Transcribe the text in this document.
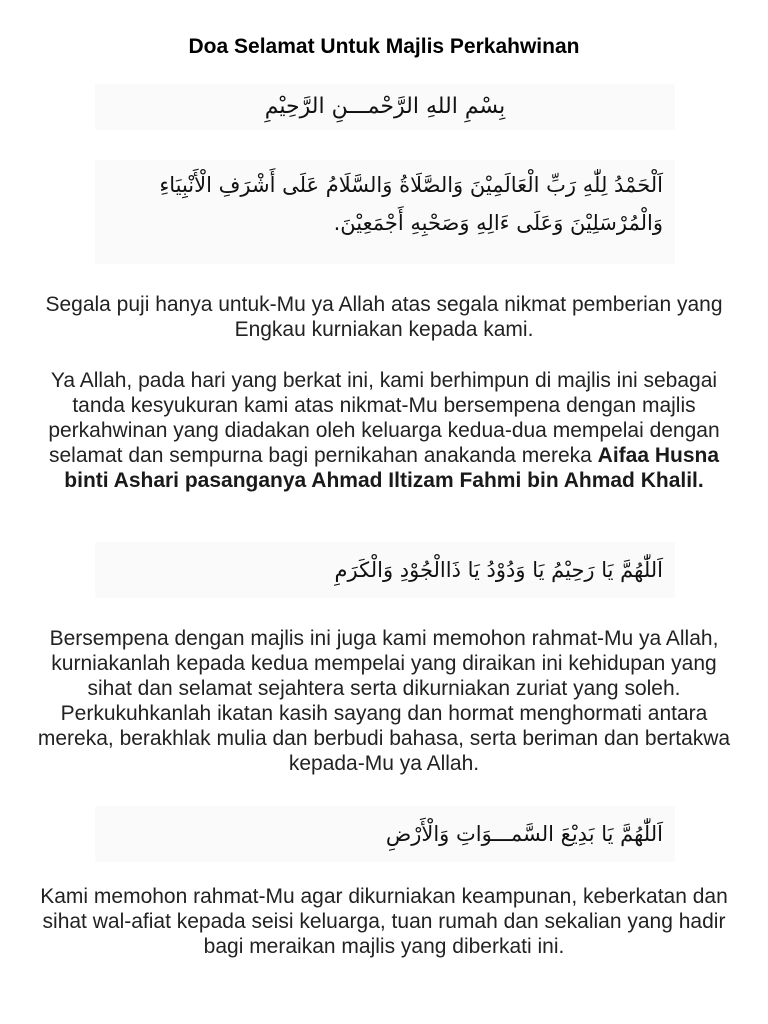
Doa Selamat Untuk Majlis Perkahwinan
بِسْمِ اللهِ الرَّحْمـــنِ الرَّحِيْمِ
اَلْحَمْدُ لِلّٰهِ رَبِّ الْعَالَمِيْنَ وَالصَّلَاةُ وَالسَّلَامُ عَلَى أَشْرَفِ الْأَنْبِيَاءِ
وَالْمُرْسَلِيْنَ وَعَلَى ءَالِهِ وَصَحْبِهِ أَجْمَعِيْنَ.

Segala puji hanya untuk-Mu ya Allah atas segala nikmat pemberian yang Engkau kurniakan kepada kami.

Ya Allah, pada hari yang berkat ini, kami berhimpun di majlis ini sebagai tanda kesyukuran kami atas nikmat-Mu bersempena dengan majlis perkahwinan yang diadakan oleh keluarga kedua-dua mempelai dengan selamat dan sempurna bagi pernikahan anakanda mereka Aifaa Husna binti Ashari pasanganya Ahmad Iltizam Fahmi bin Ahmad Khalil.

اَللّٰهُمَّ يَا رَحِيْمُ يَا وَدُوْدُ يَا ذَاالْجُوْدِ وَالْكَرَمِ

Bersempena dengan majlis ini juga kami memohon rahmat-Mu ya Allah, kurniakanlah kepada kedua mempelai yang diraikan ini kehidupan yang sihat dan selamat sejahtera serta dikurniakan zuriat yang soleh. Perkukuhkanlah ikatan kasih sayang dan hormat menghormati antara mereka, berakhlak mulia dan berbudi bahasa, serta beriman dan bertakwa kepada-Mu ya Allah.

اَللّٰهُمَّ يَا بَدِيْعَ السَّمـــوَاتِ وَالْأَرْضِ

Kami memohon rahmat-Mu agar dikurniakan keampunan, keberkatan dan sihat wal-afiat kepada seisi keluarga, tuan rumah dan sekalian yang hadir bagi meraikan majlis yang diberkati ini.
